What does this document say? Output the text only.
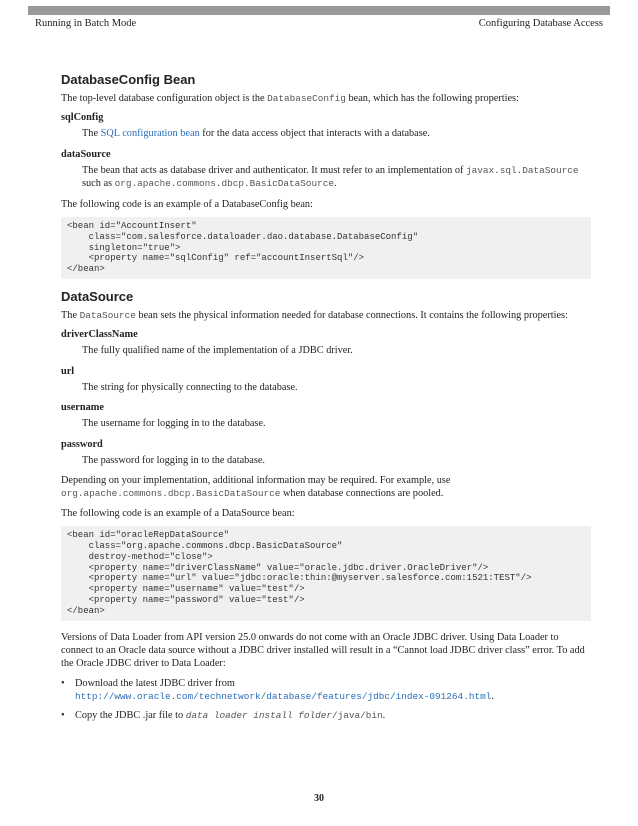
Running in Batch Mode	Configuring Database Access
DatabaseConfig Bean
The top-level database configuration object is the DatabaseConfig bean, which has the following properties:
sqlConfig
The SQL configuration bean for the data access object that interacts with a database.
dataSource
The bean that acts as database driver and authenticator. It must refer to an implementation of javax.sql.DataSource
such as org.apache.commons.dbcp.BasicDataSource.
The following code is an example of a DatabaseConfig bean:
<bean id="AccountInsert"
class="com.salesforce.dataloader.dao.database.DatabaseConfig"
singleton="true">
<property name="sqlConfig" ref="accountInsertSql"/>
</bean>
DataSource
The DataSource bean sets the physical information needed for database connections. It contains the following properties:
driverClassName
The fully qualified name of the implementation of a JDBC driver.
url
The string for physically connecting to the database.
username
The username for logging in to the database.
password
The password for logging in to the database.
Depending on your implementation, additional information may be required. For example, use
org.apache.commons.dbcp.BasicDataSource when database connections are pooled.
The following code is an example of a DataSource bean:
<bean id="oracleRepDataSource"
class="org.apache.commons.dbcp.BasicDataSource"
destroy-method="close">
<property name="driverClassName" value="oracle.jdbc.driver.OracleDriver"/>
<property name="url" value="jdbc:oracle:thin:@myserver.salesforce.com:1521:TEST"/>
<property name="username" value="test"/>
<property name="password" value="test"/>
</bean>
Versions of Data Loader from API version 25.0 onwards do not come with an Oracle JDBC driver. Using Data Loader to connect to an Oracle data source without a JDBC driver installed will result in a “Cannot load JDBC driver class” error. To add the Oracle JDBC driver to Data Loader:
• Download the latest JDBC driver from
http://www.oracle.com/technetwork/database/features/jdbc/index-091264.html.
• Copy the JDBC .jar file to data loader install folder/java/bin.
30
